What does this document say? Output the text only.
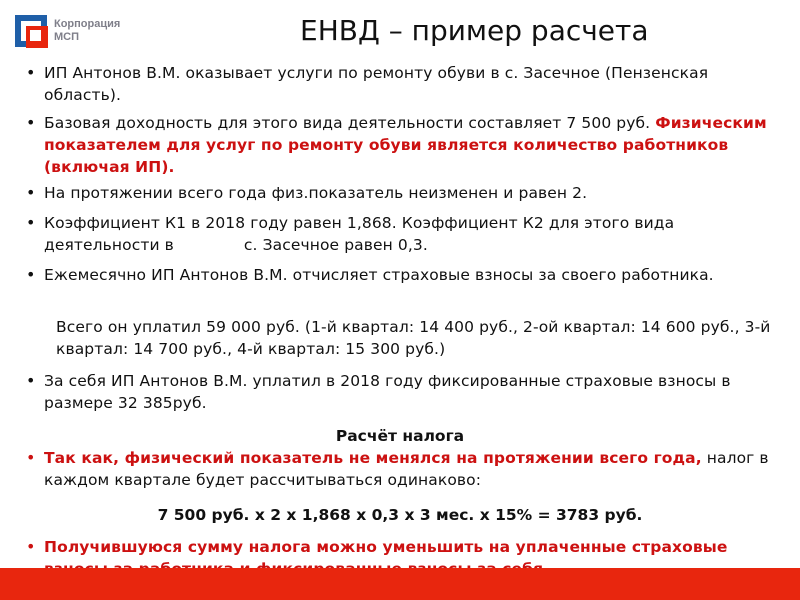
Корпорация
МСП	ЕНВД – пример расчета
• ИП Антонов В.М. оказывает услуги по ремонту обуви в с. Засечное (Пензенская область).
• Базовая доходность для этого вида деятельности составляет 7 500 руб. Физическим показателем для услуг по ремонту обуви является количество работников (включая ИП).
• На протяжении всего года физ.показатель неизменен и равен 2.
• Коэффициент К1 в 2018 году равен 1,868. Коэффициент К2 для этого вида деятельности в	с. Засечное равен 0,3.
• Ежемесячно ИП Антонов В.М. отчисляет страховые взносы за своего работника.
Всего он уплатил 59 000 руб. (1-й квартал: 14 400 руб., 2-ой квартал: 14 600 руб., 3-й квартал: 14 700 руб., 4-й квартал: 15 300 руб.)
• За себя ИП Антонов В.М. уплатил в 2018 году фиксированные страховые взносы в размере 32 385руб.
Расчёт налога
• Так как, физический показатель не менялся на протяжении всего года, налог в каждом квартале будет рассчитываться одинаково:
7 500 руб. х 2 х 1,868 х 0,3 х 3 мес. х 15% = 3783 руб.
• Получившуюся сумму налога можно уменьшить на уплаченные страховые
